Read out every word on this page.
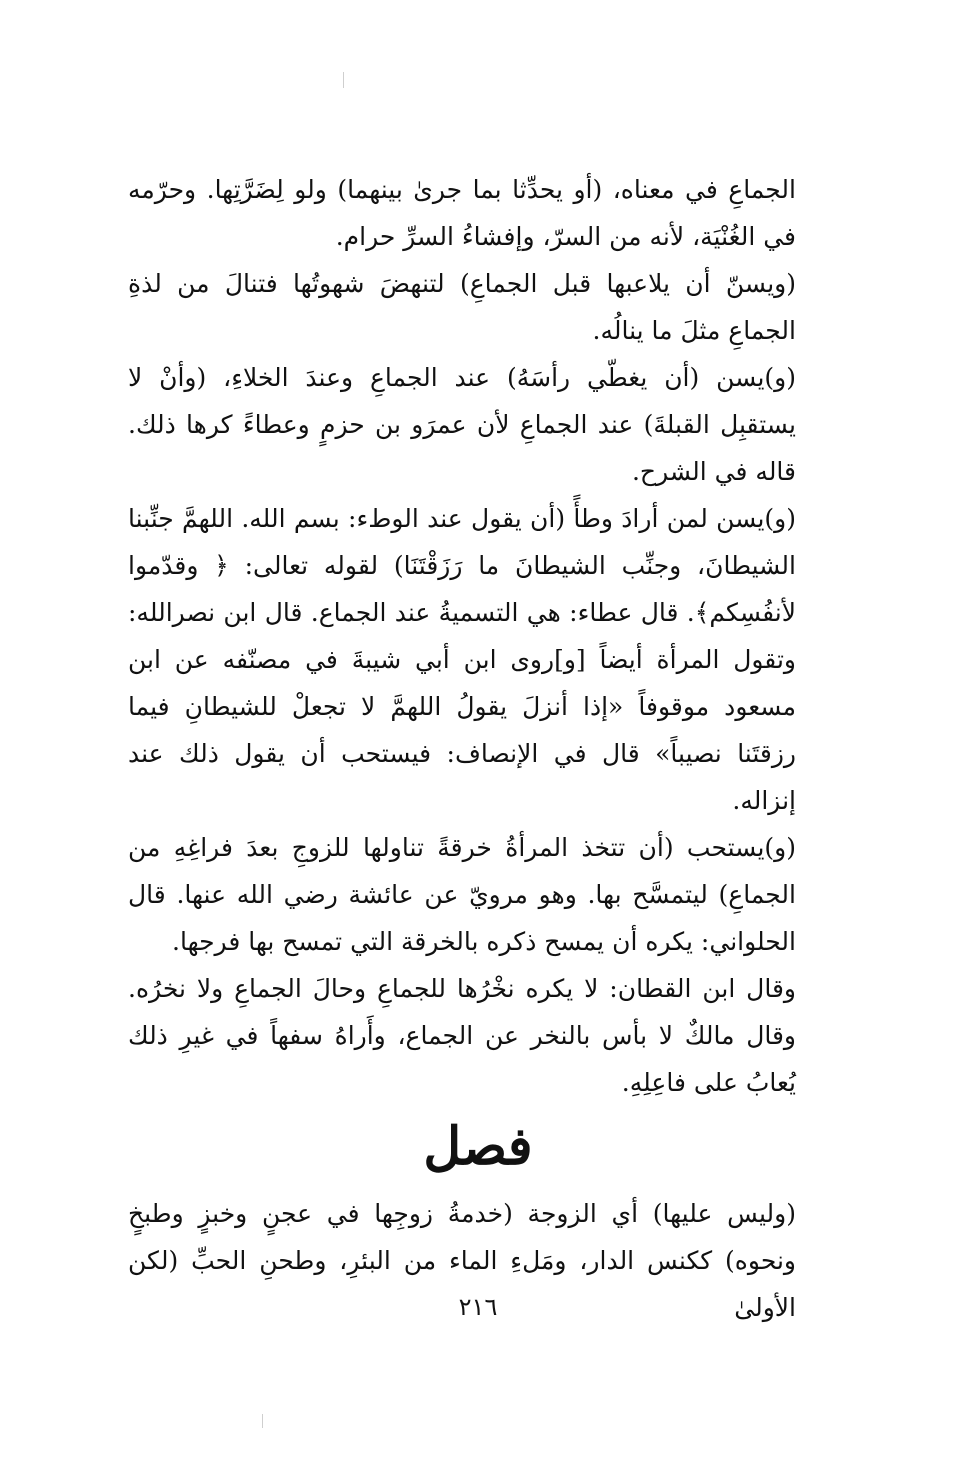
الجماعِ في معناه، (أو يحدِّثا بما جرىٰ بينهما) ولو لِضَرَّتِها. وحرّمه في الغُنْيَة، لأنه من السرّ، وإفشاءُ السرِّ حرام.

(ويسنّ أن يلاعبها قبل الجماعِ) لتنهضَ شهوتُها فتنالَ من لذةِ الجماعِ مثلَ ما ينالُه.

(و)يسن (أن يغطّي رأسَهُ) عند الجماعِ وعندَ الخلاءِ، (وأنْ لا يستقبِل القبلةَ) عند الجماعِ لأن عمرَو بن حزمٍ وعطاءً كرها ذلك. قاله في الشرح.

(و)يسن لمن أرادَ وطأً (أن يقول عند الوطء: بسم الله. اللهمَّ جنِّبنا الشيطانَ، وجنِّب الشيطانَ ما رَزَقْتَنَا) لقوله تعالى: ﴿ وقدّموا لأنفُسِكم﴾. قال عطاء: هي التسميةُ عند الجماع. قال ابن نصرالله: وتقول المرأة أيضاً [و]روى ابن أبي شيبةَ في مصنّفه عن ابن مسعود موقوفاً «إذا أنزلَ يقولُ اللهمَّ لا تجعلْ للشيطانِ فيما رزقتَنا نصيباً» قال في الإنصاف: فيستحب أن يقول ذلك عند إنزاله.

(و)يستحب (أن تتخذ المرأةُ خرقةً تناولها للزوجِ بعدَ فراغِهِ من الجماعِ) ليتمسَّح بها. وهو مرويّ عن عائشة رضي الله عنها. قال الحلواني: يكره أن يمسح ذكره بالخرقة التي تمسح بها فرجها.

وقال ابن القطان: لا يكره نخْرُها للجماعِ وحالَ الجماعِ ولا نخرُه. وقال مالكٌ لا بأس بالنخر عن الجماع، وأَراهُ سفهاً في غيرِ ذلك يُعابُ على فاعِلِهِ.

فصل

(وليس عليها) أي الزوجة (خدمةُ زوجِها في عجنٍ وخبزٍ وطبخٍ ونحوه) ككنس الدار، ومَلءِ الماء من البئرِ، وطحنِ الحبِّ (لكن الأولىٰ

٢١٦
